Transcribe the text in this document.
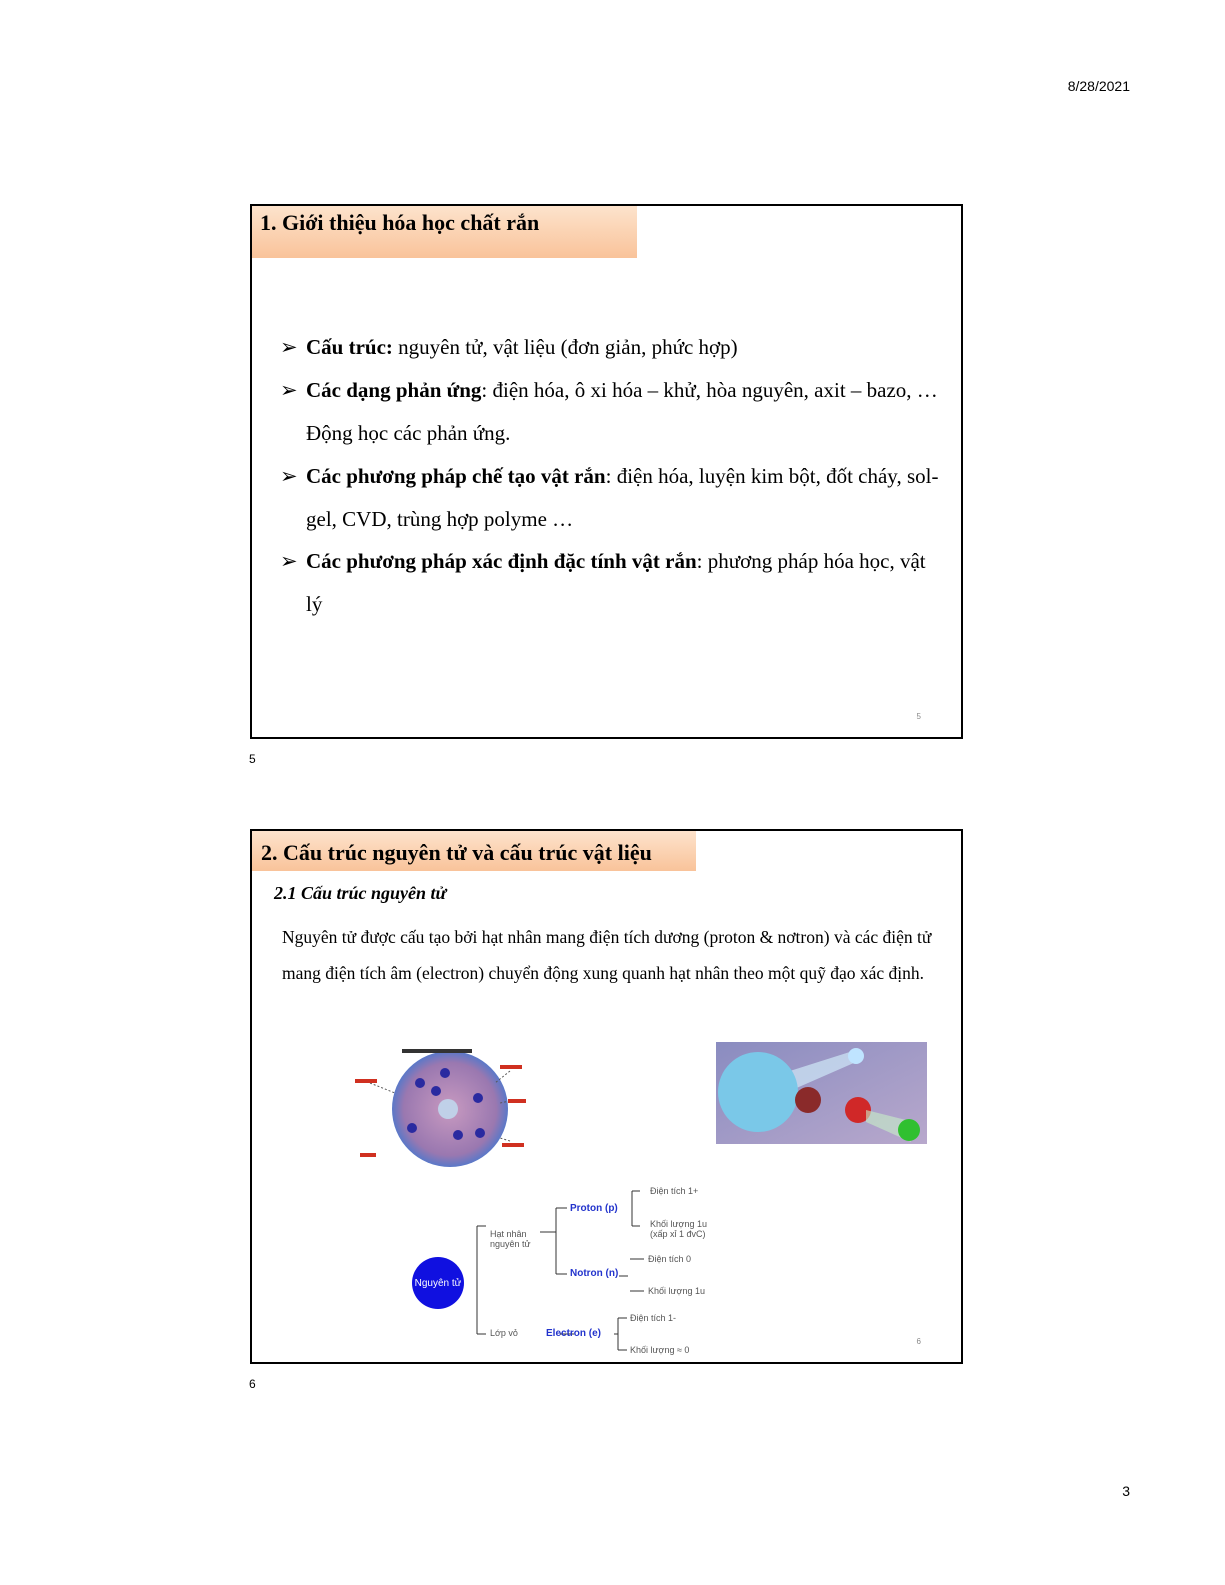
8/28/2021
1. Giới thiệu hóa học chất rắn
➢ Cấu trúc: nguyên tử, vật liệu (đơn giản, phức hợp)
➢ Các dạng phản ứng: điện hóa, ô xi hóa – khử, hòa nguyên, axit – bazo, …Động học các phản ứng.
➢ Các phương pháp chế tạo vật rắn: điện hóa, luyện kim bột, đốt cháy, sol-gel, CVD, trùng hợp polyme …
➢ Các phương pháp xác định đặc tính vật rắn: phương pháp hóa học, vật lý
5
5
2. Cấu trúc nguyên tử và cấu trúc vật liệu
2.1 Cấu trúc nguyên tử
Nguyên tử được cấu tạo bởi hạt nhân mang điện tích dương (proton & nơtron) và các điện tử mang điện tích âm (electron) chuyển động xung quanh hạt nhân theo một quỹ đạo xác định.
Nguyên tử
Hạt nhân nguyên tử
Proton (p)
Điện tích 1+
Khối lượng 1u (xấp xỉ 1 đvC)
Notron (n)
Điện tích 0
Khối lượng 1u
Lớp vỏ	Electron (e)
Điện tích 1-
Khối lượng ≈ 0
6
6
3
